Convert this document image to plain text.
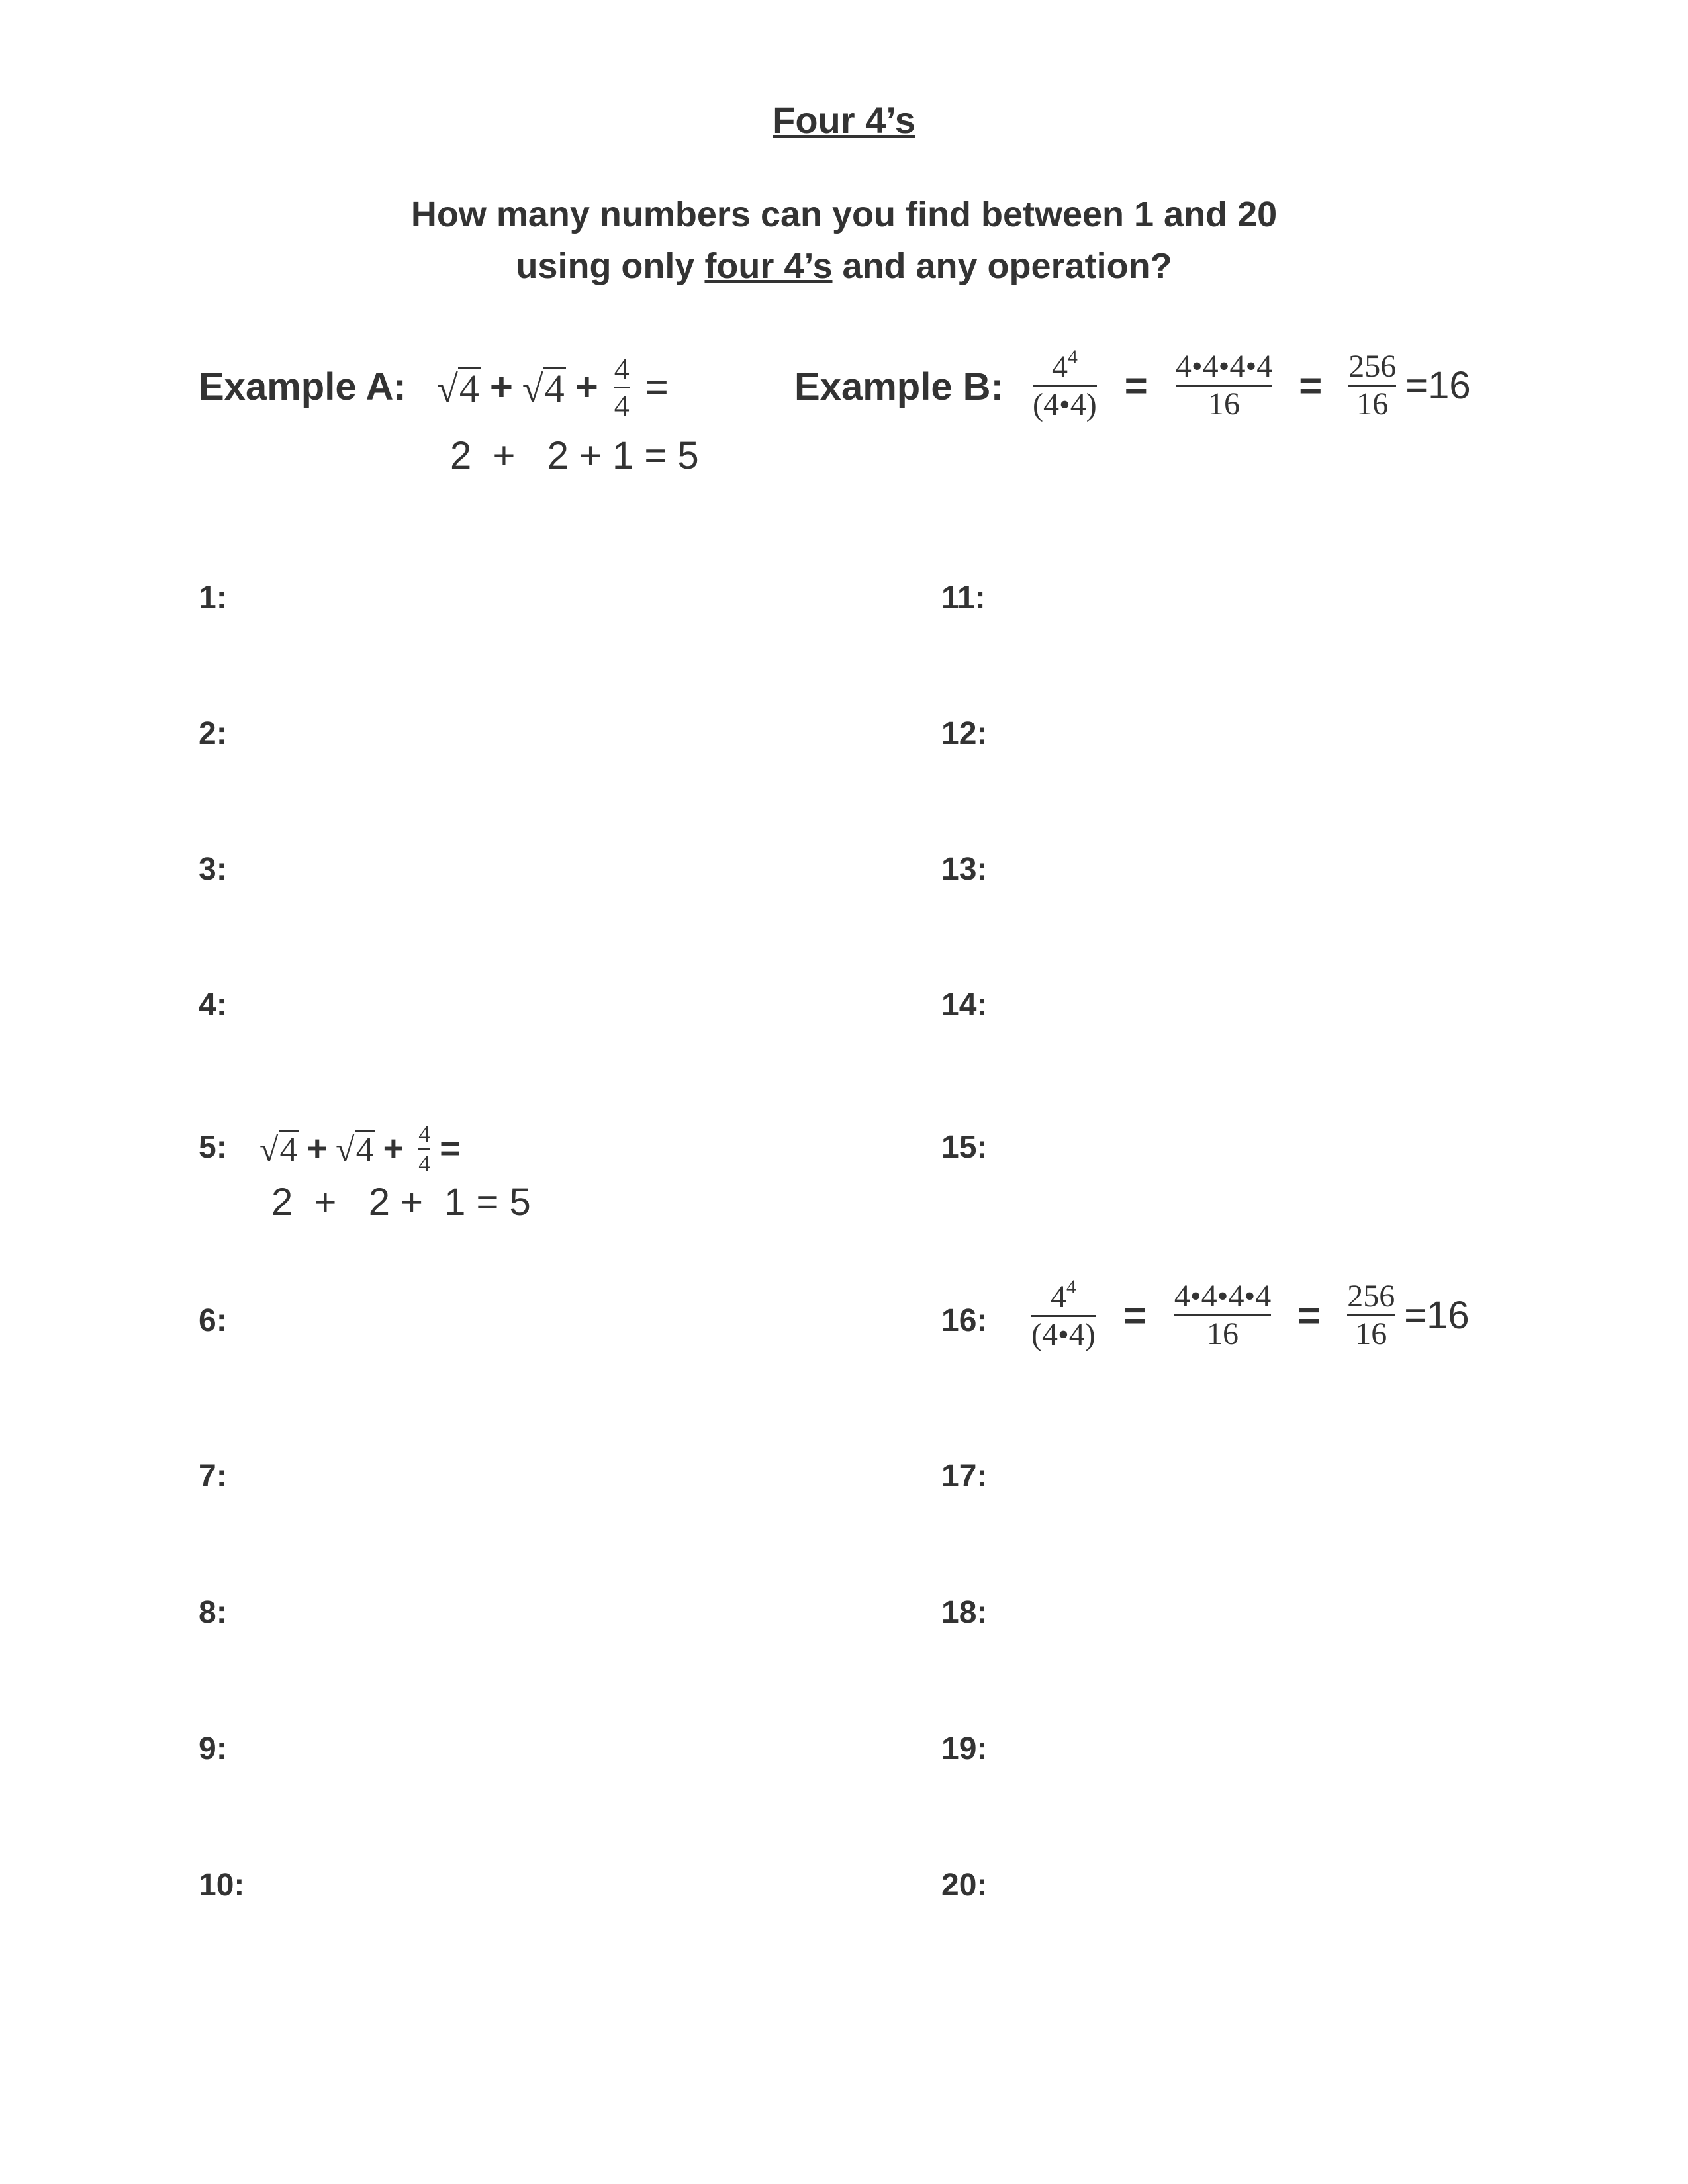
Four 4’s
How many numbers can you find between 1 and 20
using only four 4’s and any operation?
Example A: √ 4 + √ $4 + \frac{4}{4}$ =
2  +   2 + 1 = 5
Example B: $\frac{4^4}{(4•4)} = \frac{4•4•4•4}{16} = \frac{256}{16} =16$
1:
2:
3:
4:
5:
6:
7:
8:
9:
10:
11:
12:
13:
14:
15:
16:
17:
18:
19:
20:
√ 4 + √ $4 + \frac{4}{4}$ =
2  +   2 +  1 = 5
$\frac{4^4}{(4•4)} = \frac{4•4•4•4}{16} = \frac{256}{16} =16$
